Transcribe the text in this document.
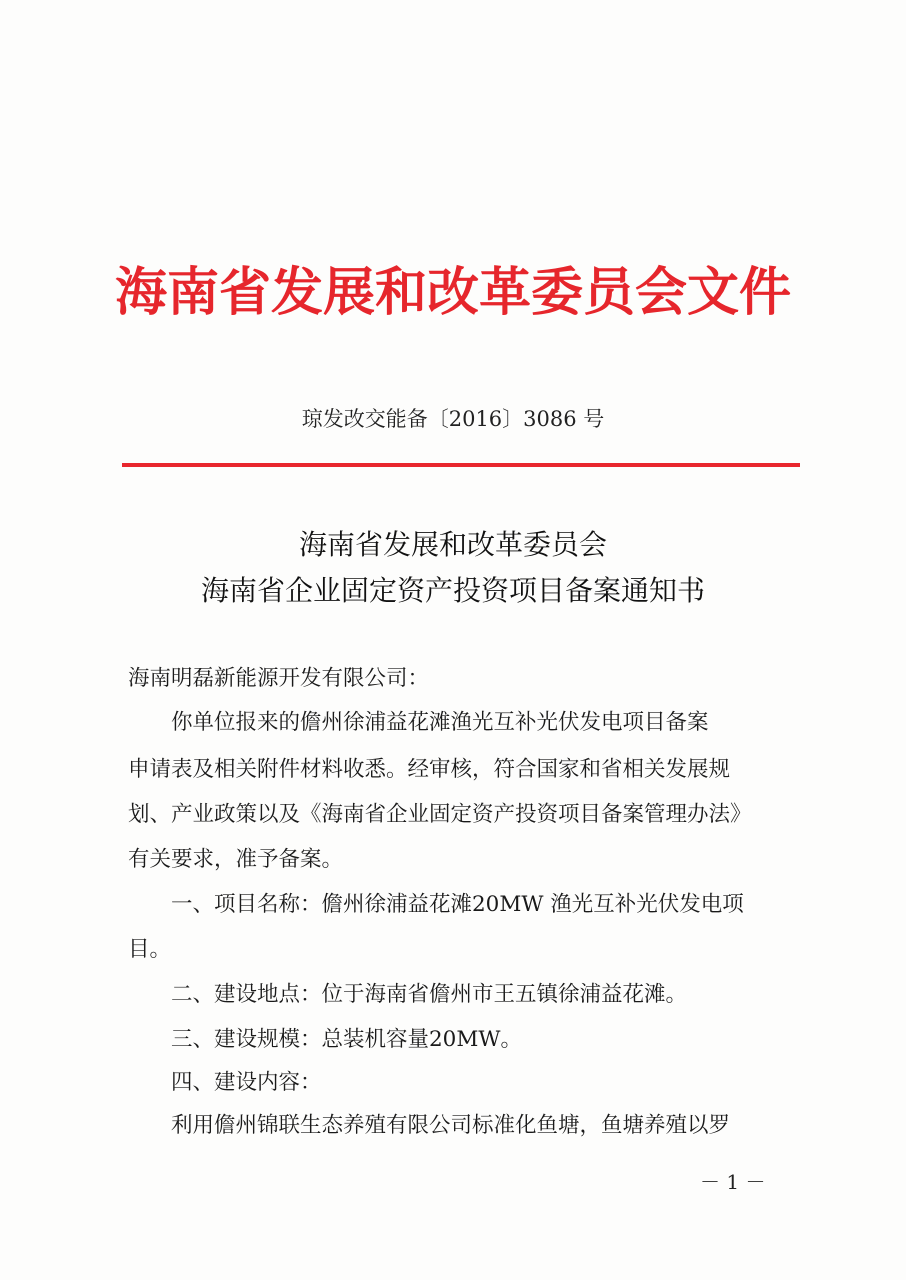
海南省发展和改革委员会文件
琼发改交能备〔2016〕3086 号
海南省发展和改革委员会
海南省企业固定资产投资项目备案通知书
海南明磊新能源开发有限公司：
　　你单位报来的儋州徐浦益花滩渔光互补光伏发电项目备案
申请表及相关附件材料收悉。经审核，符合国家和省相关发展规
划、产业政策以及《海南省企业固定资产投资项目备案管理办法》
有关要求，准予备案。
　　一、项目名称：儋州徐浦益花滩20MW 渔光互补光伏发电项
目。
　　二、建设地点：位于海南省儋州市王五镇徐浦益花滩。
　　三、建设规模：总装机容量20MW。
　　四、建设内容：
　　利用儋州锦联生态养殖有限公司标准化鱼塘，鱼塘养殖以罗
－ 1 －
